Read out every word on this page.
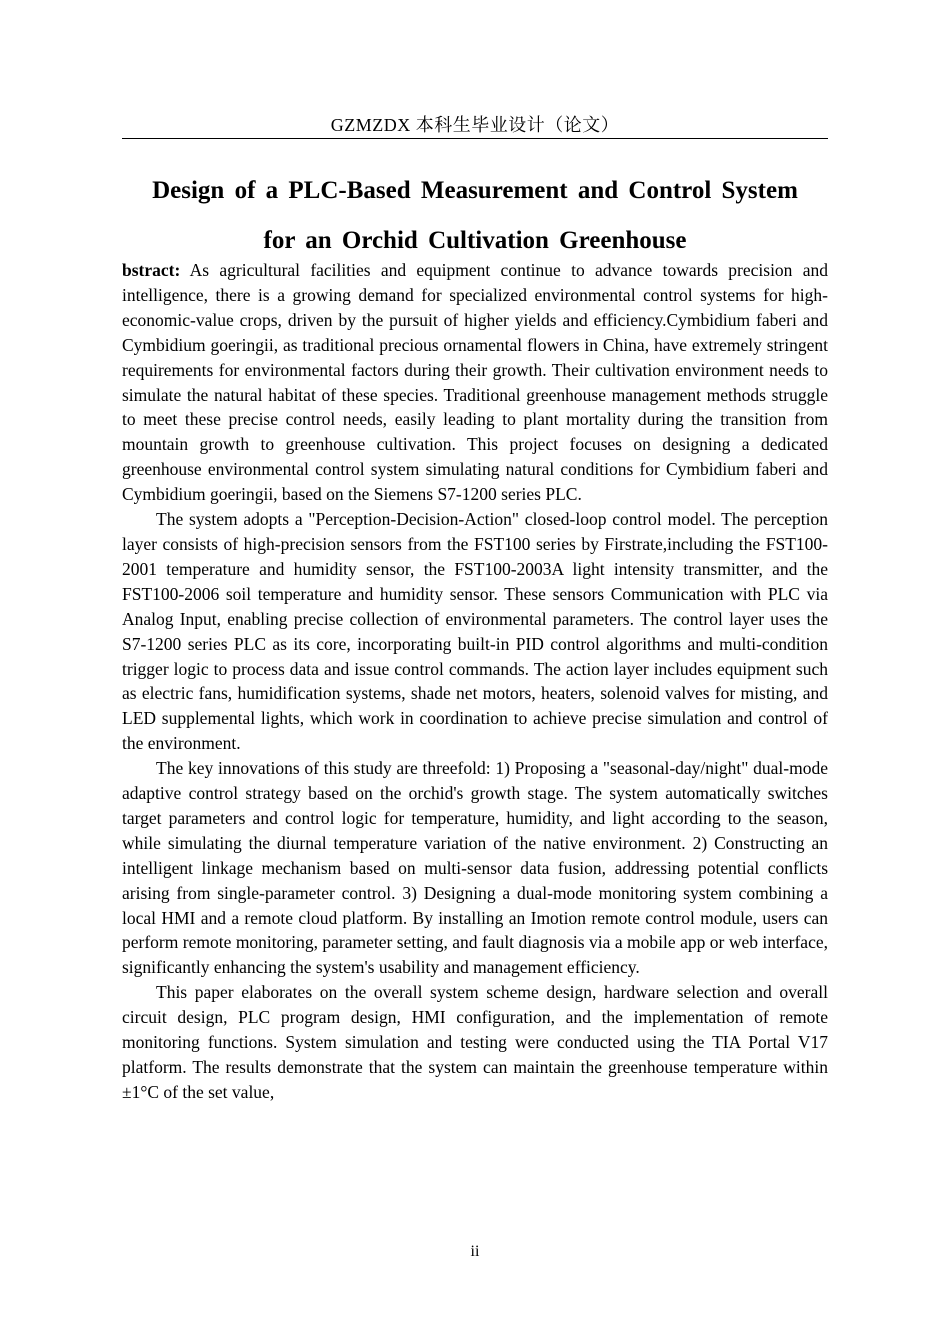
GZMZDX 本科生毕业设计（论文）
Design of a PLC-Based Measurement and Control System
for an Orchid Cultivation Greenhouse

bstract: As agricultural facilities and equipment continue to advance towards precision and intelligence, there is a growing demand for specialized environmental control systems for high-economic-value crops, driven by the pursuit of higher yields and efficiency.Cymbidium faberi and Cymbidium goeringii, as traditional precious ornamental flowers in China, have extremely stringent requirements for environmental factors during their growth. Their cultivation environment needs to simulate the natural habitat of these species. Traditional greenhouse management methods struggle to meet these precise control needs, easily leading to plant mortality during the transition from mountain growth to greenhouse cultivation. This project focuses on designing a dedicated greenhouse environmental control system simulating natural conditions for Cymbidium faberi and Cymbidium goeringii, based on the Siemens S7-1200 series PLC.

The system adopts a "Perception-Decision-Action" closed-loop control model. The perception layer consists of high-precision sensors from the FST100 series by Firstrate,including the FST100-2001 temperature and humidity sensor, the FST100-2003A light intensity transmitter, and the FST100-2006 soil temperature and humidity sensor. These sensors Communication with PLC via Analog Input, enabling precise collection of environmental parameters. The control layer uses the S7-1200 series PLC as its core, incorporating built-in PID control algorithms and multi-condition trigger logic to process data and issue control commands. The action layer includes equipment such as electric fans, humidification systems, shade net motors, heaters, solenoid valves for misting, and LED supplemental lights, which work in coordination to achieve precise simulation and control of the environment.

The key innovations of this study are threefold: 1) Proposing a "seasonal-day/night" dual-mode adaptive control strategy based on the orchid's growth stage. The system automatically switches target parameters and control logic for temperature, humidity, and light according to the season, while simulating the diurnal temperature variation of the native environment. 2) Constructing an intelligent linkage mechanism based on multi-sensor data fusion, addressing potential conflicts arising from single-parameter control. 3) Designing a dual-mode monitoring system combining a local HMI and a remote cloud platform. By installing an Imotion remote control module, users can perform remote monitoring, parameter setting, and fault diagnosis via a mobile app or web interface, significantly enhancing the system's usability and management efficiency.

This paper elaborates on the overall system scheme design, hardware selection and overall circuit design, PLC program design, HMI configuration, and the implementation of remote monitoring functions. System simulation and testing were conducted using the TIA Portal V17 platform. The results demonstrate that the system can maintain the greenhouse temperature within ±1°C of the set value,

ii
